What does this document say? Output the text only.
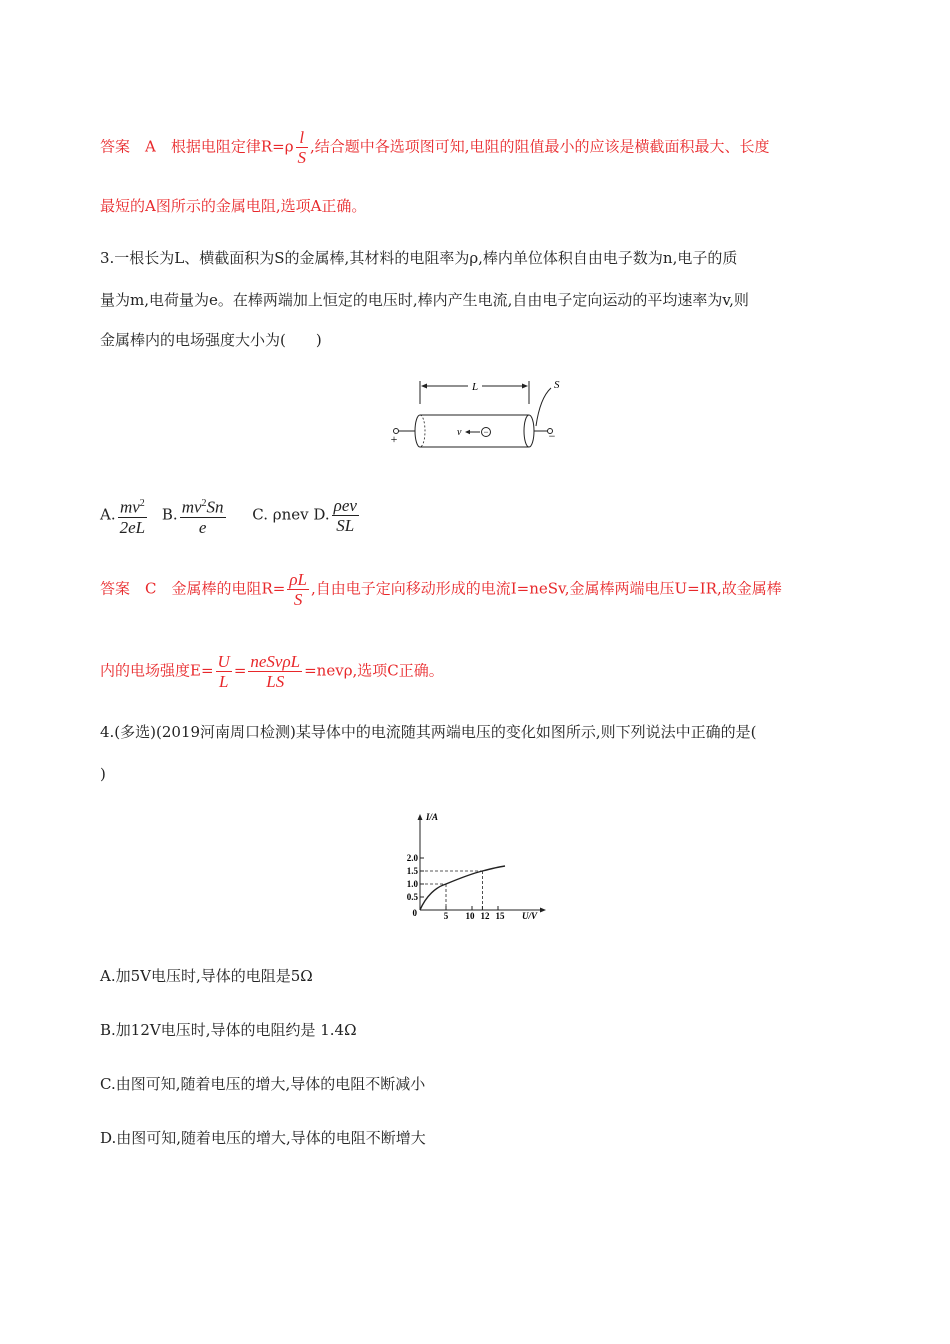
答案　A　根据电阻定律$R=\rho \frac{l}{S}$ ,结合题中各选项图可知,电阻的阻值最小的应该是横截面积最大、长度
最短的A图所示的金属电阻,选项A正确。
3.一根长为L、横截面积为S的金属棒,其材料的电阻率为ρ,棒内单位体积自由电子数为n,电子的质
量为m,电荷量为e。在棒两端加上恒定的电压时,棒内产生电流,自由电子定向运动的平均速率为v,则
金属棒内的电场强度大小为(　　)
L	S
+	−
v −
A. $\frac{mv^2}{2eL} B$. $\frac{mv^2Sn}{e} C$. ρnev D. $\frac{\text{ρev}}{SL}$
答案　C　金属棒的电阻$R= \frac{\rho L}{S}$ ,自由电子定向移动形成的电流I=neSv,金属棒两端电压U=IR,故金属棒
内的电场强度$E= \frac{U}{L} = \frac{\text{neSvρL}}{LS} =nev\rho$,选项C正确。
4.(多选)(2019河南周口检测)某导体中的电流随其两端电压的变化如图所示,则下列说法中正确的是(
)
I/A
U/V
0
0.5
1.0
1.5
2.0
5 10 12 15
A.加5V电压时,导体的电阻是5Ω
B.加12V电压时,导体的电阻约是 1.4Ω
C.由图可知,随着电压的增大,导体的电阻不断减小
D.由图可知,随着电压的增大,导体的电阻不断增大
